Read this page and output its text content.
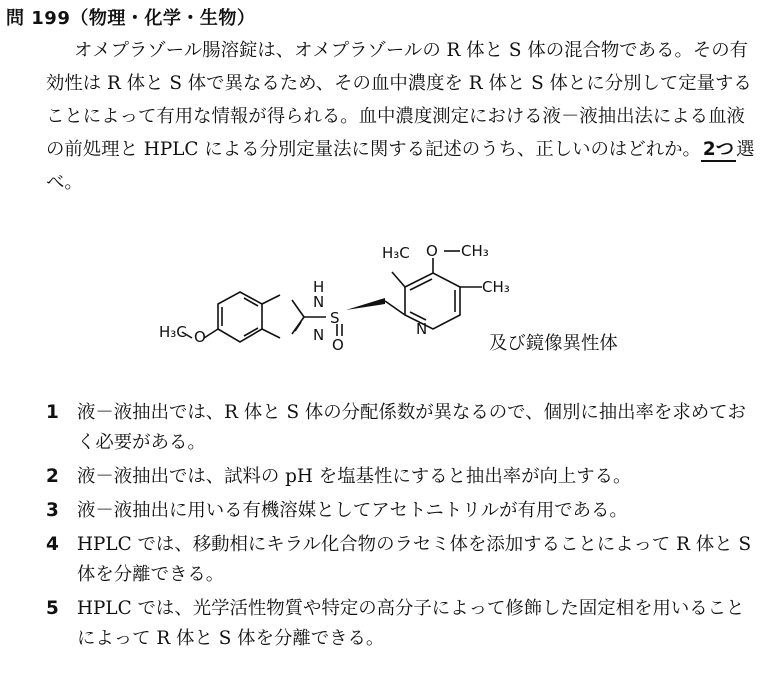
問 199（物理・化学・生物）

オメプラゾール腸溶錠は、オメプラゾールの R 体と S 体の混合物である。その有効性は R 体と S 体で異なるため、その血中濃度を R 体と S 体とに分別して定量することによって有用な情報が得られる。血中濃度測定における液－液抽出法による血液の前処理と HPLC による分別定量法に関する記述のうち、正しいのはどれか。 2つ 選べ。

H
N
N
S
O
O
H₃C	N
H₃C O CH₃
CH₃
及び鏡像異性体
1 液－液抽出では、R 体と S 体の分配係数が異なるので、個別に抽出率を求めておく必要がある。
2 液－液抽出では、試料の pH を塩基性にすると抽出率が向上する。
3 液－液抽出に用いる有機溶媒としてアセトニトリルが有用である。
4 HPLC では、移動相にキラル化合物のラセミ体を添加することによって R 体と S 体を分離できる。
5 HPLC では、光学活性物質や特定の高分子によって修飾した固定相を用いることによって R 体と S 体を分離できる。
